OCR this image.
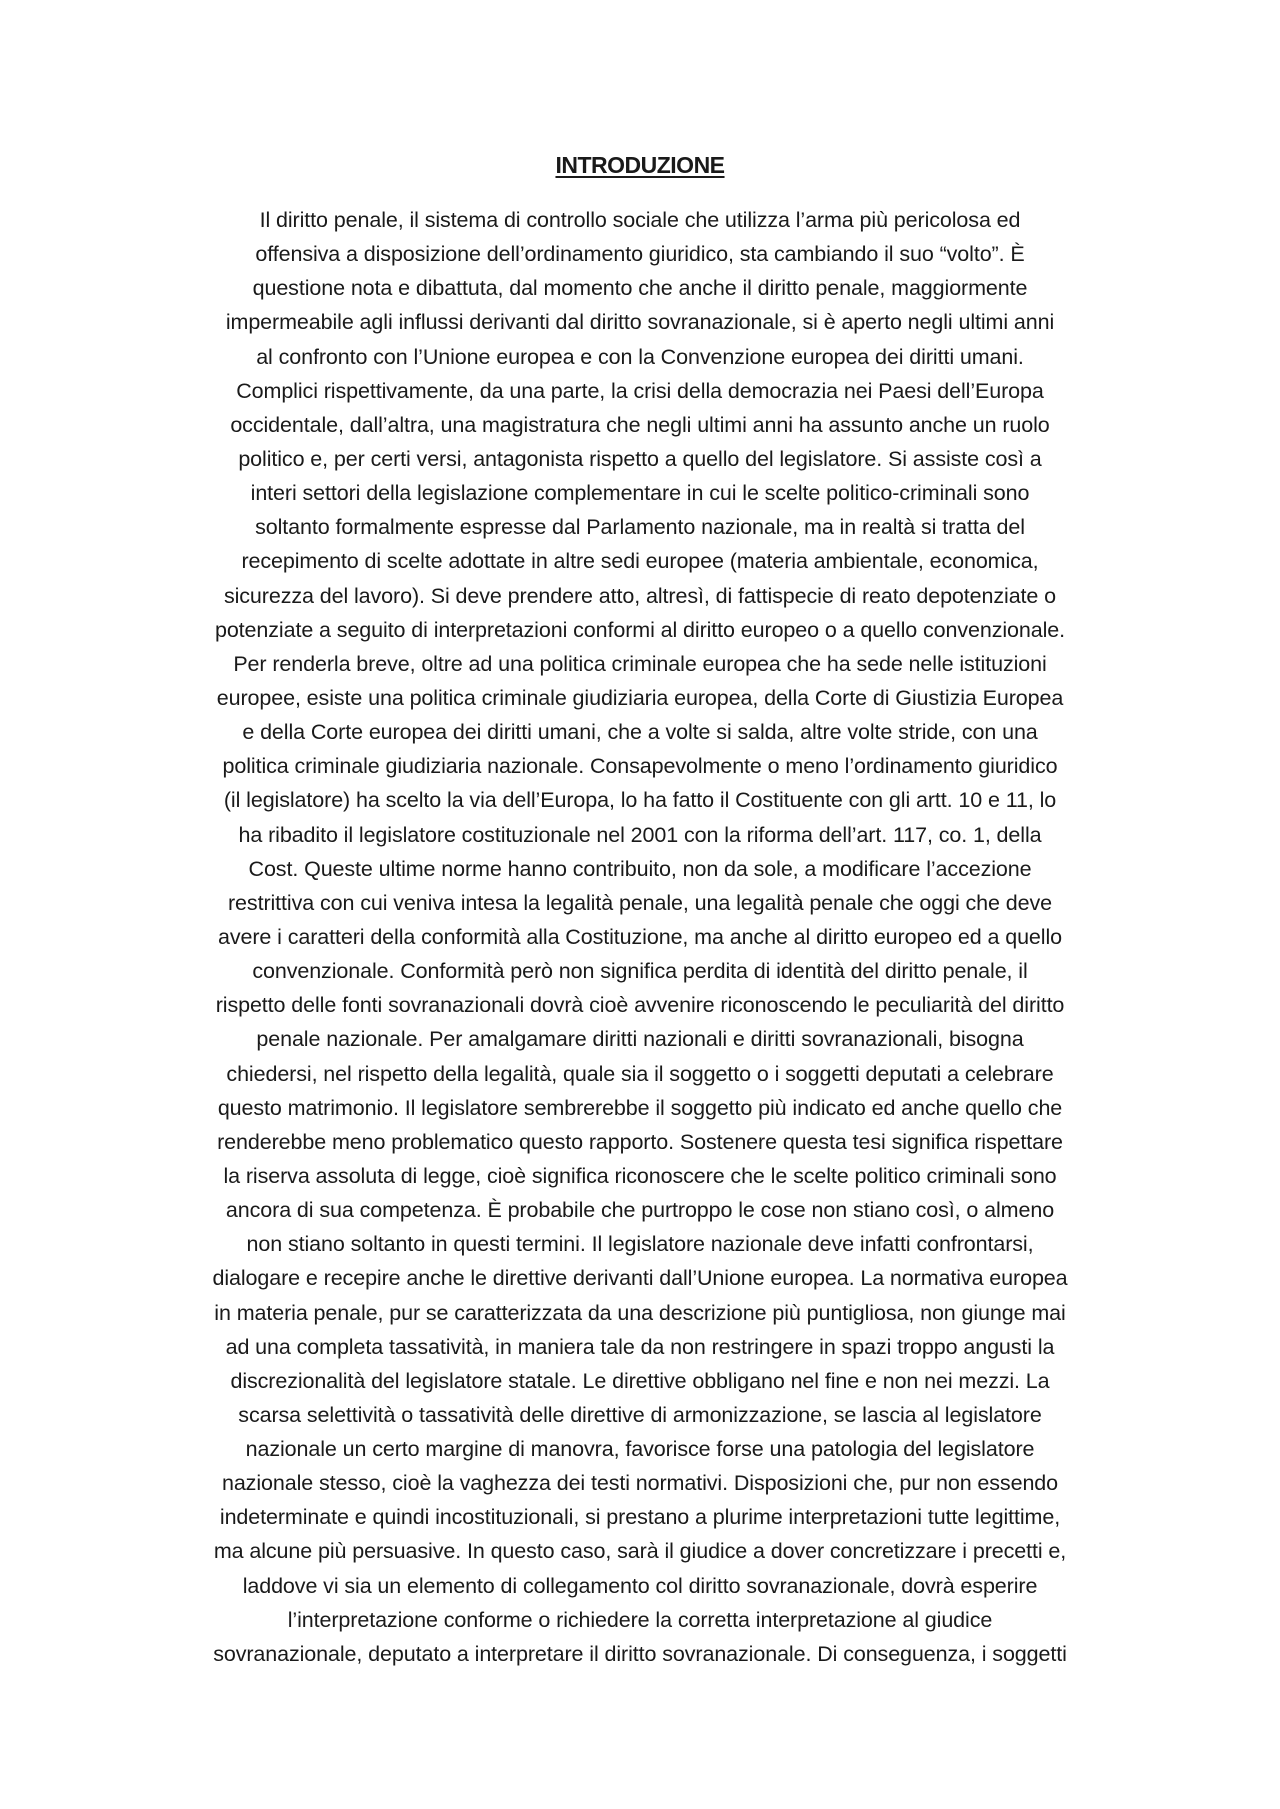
INTRODUZIONE
Il diritto penale, il sistema di controllo sociale che utilizza l’arma più pericolosa ed
offensiva a disposizione dell’ordinamento giuridico, sta cambiando il suo “volto”. È
questione nota e dibattuta, dal momento che anche il diritto penale, maggiormente
impermeabile agli influssi derivanti dal diritto sovranazionale, si è aperto negli ultimi anni
al confronto con l’Unione europea e con la Convenzione europea dei diritti umani.
Complici rispettivamente, da una parte, la crisi della democrazia nei Paesi dell’Europa
occidentale, dall’altra, una magistratura che negli ultimi anni ha assunto anche un ruolo
politico e, per certi versi, antagonista rispetto a quello del legislatore. Si assiste così a
interi settori della legislazione complementare in cui le scelte politico-criminali sono
soltanto formalmente espresse dal Parlamento nazionale, ma in realtà si tratta del
recepimento di scelte adottate in altre sedi europee (materia ambientale, economica,
sicurezza del lavoro). Si deve prendere atto, altresì, di fattispecie di reato depotenziate o
potenziate a seguito di interpretazioni conformi al diritto europeo o a quello convenzionale.
Per renderla breve, oltre ad una politica criminale europea che ha sede nelle istituzioni
europee, esiste una politica criminale giudiziaria europea, della Corte di Giustizia Europea
e della Corte europea dei diritti umani, che a volte si salda, altre volte stride, con una
politica criminale giudiziaria nazionale. Consapevolmente o meno l’ordinamento giuridico
(il legislatore) ha scelto la via dell’Europa, lo ha fatto il Costituente con gli artt. 10 e 11, lo
ha ribadito il legislatore costituzionale nel 2001 con la riforma dell’art. 117, co. 1, della
Cost. Queste ultime norme hanno contribuito, non da sole, a modificare l’accezione
restrittiva con cui veniva intesa la legalità penale, una legalità penale che oggi che deve
avere i caratteri della conformità alla Costituzione, ma anche al diritto europeo ed a quello
convenzionale. Conformità però non significa perdita di identità del diritto penale, il
rispetto delle fonti sovranazionali dovrà cioè avvenire riconoscendo le peculiarità del diritto
penale nazionale. Per amalgamare diritti nazionali e diritti sovranazionali, bisogna
chiedersi, nel rispetto della legalità, quale sia il soggetto o i soggetti deputati a celebrare
questo matrimonio. Il legislatore sembrerebbe il soggetto più indicato ed anche quello che
renderebbe meno problematico questo rapporto. Sostenere questa tesi significa rispettare
la riserva assoluta di legge, cioè significa riconoscere che le scelte politico criminali sono
ancora di sua competenza. È probabile che purtroppo le cose non stiano così, o almeno
non stiano soltanto in questi termini. Il legislatore nazionale deve infatti confrontarsi,
dialogare e recepire anche le direttive derivanti dall’Unione europea. La normativa europea
in materia penale, pur se caratterizzata da una descrizione più puntigliosa, non giunge mai
ad una completa tassatività, in maniera tale da non restringere in spazi troppo angusti la
discrezionalità del legislatore statale. Le direttive obbligano nel fine e non nei mezzi. La
scarsa selettività o tassatività delle direttive di armonizzazione, se lascia al legislatore
nazionale un certo margine di manovra, favorisce forse una patologia del legislatore
nazionale stesso, cioè la vaghezza dei testi normativi. Disposizioni che, pur non essendo
indeterminate e quindi incostituzionali, si prestano a plurime interpretazioni tutte legittime,
ma alcune più persuasive. In questo caso, sarà il giudice a dover concretizzare i precetti e,
laddove vi sia un elemento di collegamento col diritto sovranazionale, dovrà esperire
l’interpretazione conforme o richiedere la corretta interpretazione al giudice
sovranazionale, deputato a interpretare il diritto sovranazionale. Di conseguenza, i soggetti
